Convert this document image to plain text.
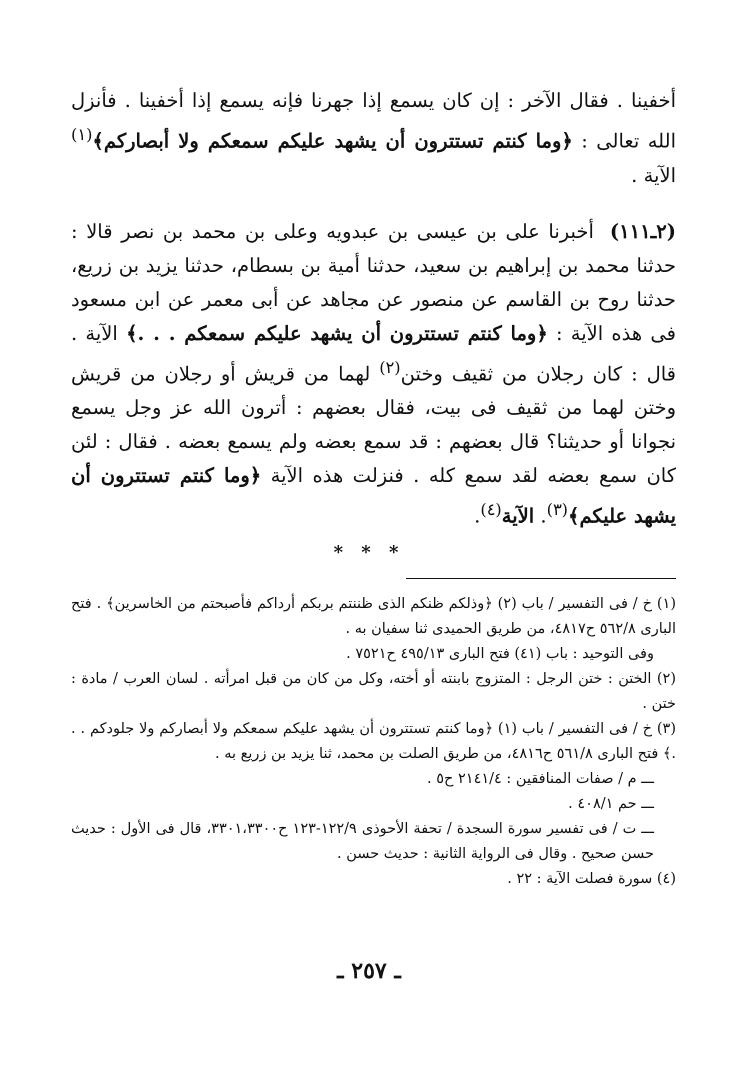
أخفينا . فقال الآخر : إن كان يسمع إذا جهرنا فإنه يسمع إذا أخفينا . فأنزل الله تعالى : ﴿وما كنتم تستترون أن يشهد عليكم سمعكم ولا أبصاركم﴾$^{(١)}$ الآية .

(٢ـ١١١)أخبرنا على بن عيسى بن عبدويه وعلى بن محمد بن نصر قالا : حدثنا محمد بن إبراهيم بن سعيد، حدثنا أمية بن بسطام، حدثنا يزيد بن زريع، حدثنا روح بن القاسم عن منصور عن مجاهد عن أبى معمر عن ابن مسعود فى هذه الآية : ﴿وما كنتم تستترون أن يشهد عليكم سمعكم . . .﴾ الآية . قال : كان رجلان من ثقيف وختن$^{(٢)}$ لهما من قريش أو رجلان من قريش وختن لهما من ثقيف فى بيت، فقال بعضهم : أترون الله عز وجل يسمع نجوانا أو حديثنا؟ قال بعضهم : قد سمع بعضه ولم يسمع بعضه . فقال : لئن كان سمع بعضه لقد سمع كله . فنزلت هذه الآية ﴿وما كنتم تستترون أن يشهد عليكم﴾$^{(٣)}$. الآية$^{(٤)}$.

* * *

(١) خ / فى التفسير / باب (٢) ﴿وذلكم ظنكم الذى ظننتم بربكم أرداكم فأصبحتم من الخاسرين﴾ . فتح البارى ٥٦٢/٨ ح٤٨١٧، من طريق الحميدى ثنا سفيان به .

وفى التوحيد : باب (٤١) فتح البارى ٤٩٥/١٣ ح٧٥٢١ .

(٢) الختن : ختن الرجل : المتزوج بابنته أو أخته، وكل من كان من قبل امرأته . لسان العرب / مادة : ختن .

(٣) خ / فى التفسير / باب (١) ﴿وما كنتم تستترون أن يشهد عليكم سمعكم ولا أبصاركم ولا جلودكم . . .﴾ فتح البارى ٥٦١/٨ ح٤٨١٦، من طريق الصلت بن محمد، ثنا يزيد بن زريع به .

ـــ م / صفات المنافقين : ٢١٤١/٤ ح٥ .

ـــ حم ٤٠٨/١ .

ـــ ت / فى تفسير سورة السجدة / تحفة الأحوذى ١٢٢/٩-١٢٣ ح٣٣٠١،٣٣٠٠، قال فى الأول : حديث حسن صحيح . وقال فى الرواية الثانية : حديث حسن .

(٤) سورة فصلت الآية : ٢٢ .

ـ ٢٥٧ ـ
